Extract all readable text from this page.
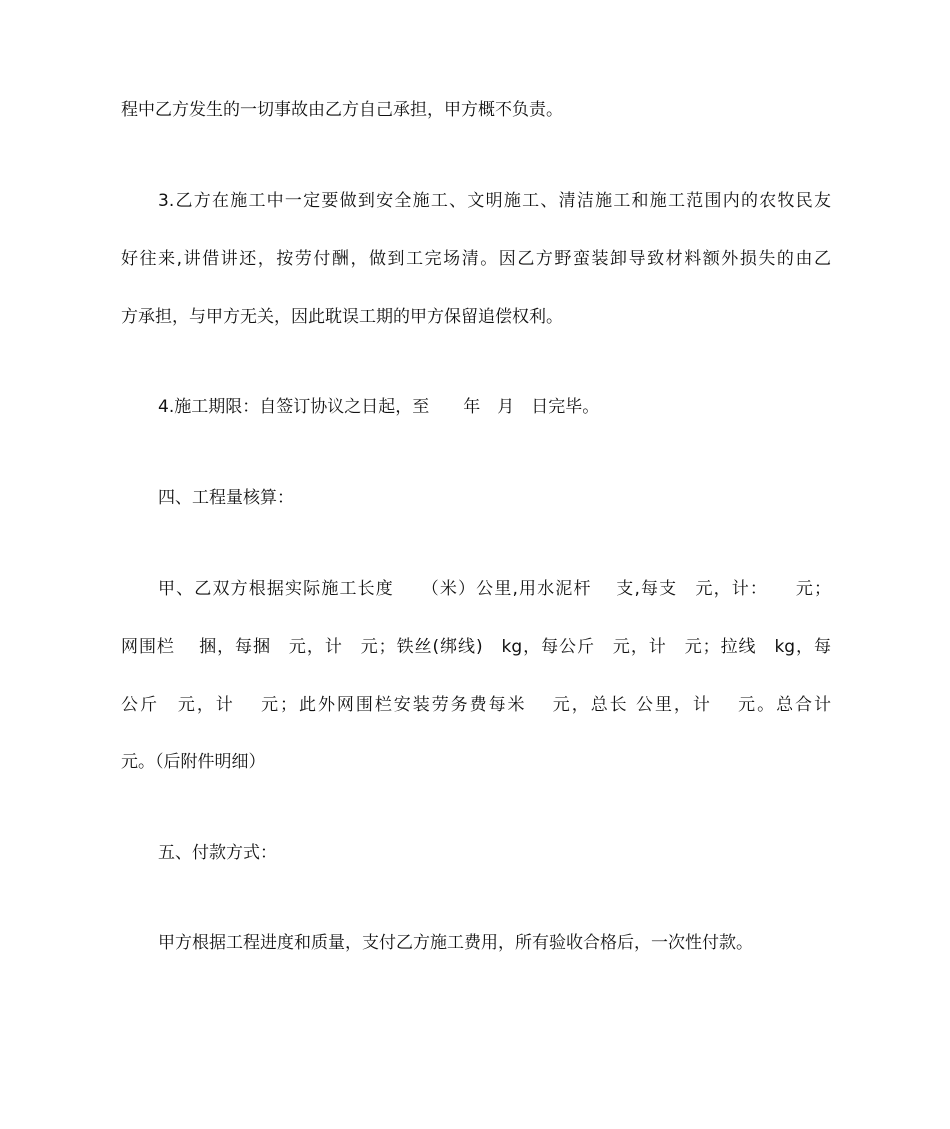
程中乙方发生的一切事故由乙方自己承担，甲方概不负责。
3.乙方在施工中一定要做到安全施工、文明施工、清洁施工和施工范围内的农牧民友
好往来,讲借讲还，按劳付酬，做到工完场清。因乙方野蛮装卸导致材料额外损失的由乙
方承担，与甲方无关，因此耽误工期的甲方保留追偿权利。
4.施工期限：自签订协议之日起，至　　年　月　日完毕。
四、工程量核算：
甲、乙双方根据实际施工长度　　（米）公里,用水泥杆　 支,每支　元，计：　　元；
网围栏　 捆，每捆　元，计　元；铁丝(绑线)　kg，每公斤　元，计　元；拉线　kg，每
公斤　元，计　 元；此外网围栏安装劳务费每米　 元，总长 公里，计　 元。总合计
元。（后附件明细）
五、付款方式：
甲方根据工程进度和质量，支付乙方施工费用，所有验收合格后，一次性付款。
